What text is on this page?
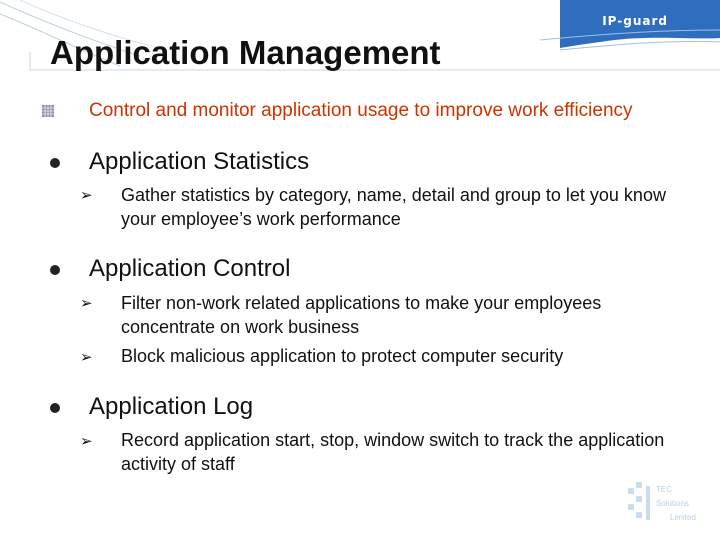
IP-guard
Application Management
Control and monitor application usage to improve work efficiency
Application Statistics
➢ Gather statistics by category, name, detail and group to let you know your employee’s work performance
Application Control
➢ Filter non-work related applications to make your employees concentrate on work business
➢ Block malicious application to protect computer security
Application Log
➢ Record application start, stop, window switch to track the application activity of staff
TEC
Solutions
Limited
